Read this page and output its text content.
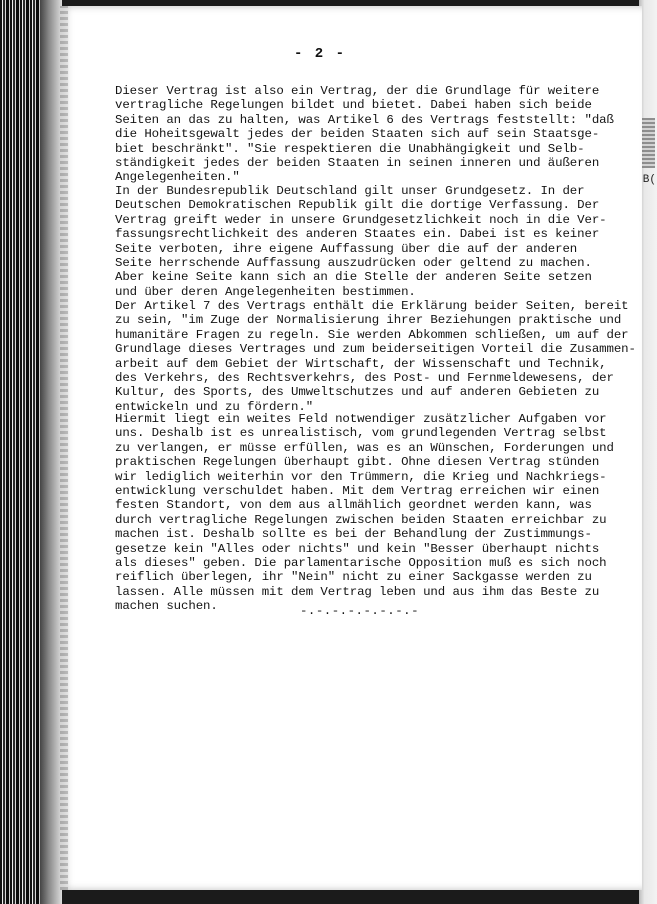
B(
- 2 -

Dieser Vertrag ist also ein Vertrag, der die Grundlage für weitere
vertragliche Regelungen bildet und bietet. Dabei haben sich beide
Seiten an das zu halten, was Artikel 6 des Vertrags feststellt: "daß
die Hoheitsgewalt jedes der beiden Staaten sich auf sein Staatsge-
biet beschränkt". "Sie respektieren die Unabhängigkeit und Selb-
ständigkeit jedes der beiden Staaten in seinen inneren und äußeren
Angelegenheiten."

In der Bundesrepublik Deutschland gilt unser Grundgesetz. In der
Deutschen Demokratischen Republik gilt die dortige Verfassung. Der
Vertrag greift weder in unsere Grundgesetzlichkeit noch in die Ver-
fassungsrechtlichkeit des anderen Staates ein. Dabei ist es keiner
Seite verboten, ihre eigene Auffassung über die auf der anderen
Seite herrschende Auffassung auszudrücken oder geltend zu machen.
Aber keine Seite kann sich an die Stelle der anderen Seite setzen
und über deren Angelegenheiten bestimmen.

Der Artikel 7 des Vertrags enthält die Erklärung beider Seiten, bereit
zu sein, "im Zuge der Normalisierung ihrer Beziehungen praktische und
humanitäre Fragen zu regeln. Sie werden Abkommen schließen, um auf der
Grundlage dieses Vertrages und zum beiderseitigen Vorteil die Zusammen-
arbeit auf dem Gebiet der Wirtschaft, der Wissenschaft und Technik,
des Verkehrs, des Rechtsverkehrs, des Post- und Fernmeldewesens, der
Kultur, des Sports, des Umweltschutzes und auf anderen Gebieten zu
entwickeln und zu fördern."

Hiermit liegt ein weites Feld notwendiger zusätzlicher Aufgaben vor
uns. Deshalb ist es unrealistisch, vom grundlegenden Vertrag selbst
zu verlangen, er müsse erfüllen, was es an Wünschen, Forderungen und
praktischen Regelungen überhaupt gibt. Ohne diesen Vertrag stünden
wir lediglich weiterhin vor den Trümmern, die Krieg und Nachkriegs-
entwicklung verschuldet haben. Mit dem Vertrag erreichen wir einen
festen Standort, von dem aus allmählich geordnet werden kann, was
durch vertragliche Regelungen zwischen beiden Staaten erreichbar zu
machen ist. Deshalb sollte es bei der Behandlung der Zustimmungs-
gesetze kein "Alles oder nichts" und kein "Besser überhaupt nichts
als dieses" geben. Die parlamentarische Opposition muß es sich noch
reiflich überlegen, ihr "Nein" nicht zu einer Sackgasse werden zu
lassen. Alle müssen mit dem Vertrag leben und aus ihm das Beste zu
machen suchen.	-.-.-.-.-.-.-.-
